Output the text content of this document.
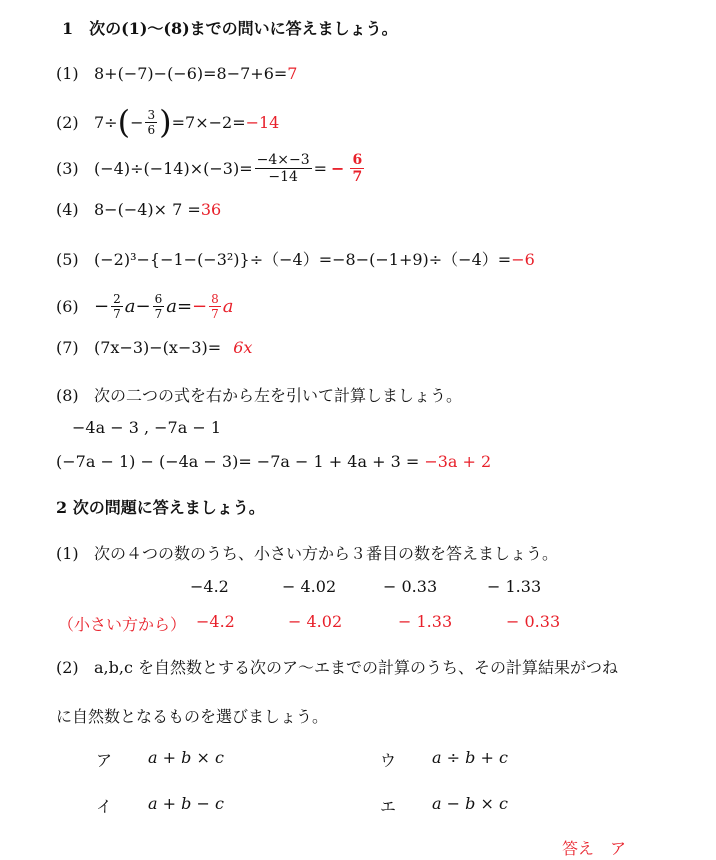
1　次の(1)〜(8)までの問いに答えましょう。
(1) 8+(−7)−(−6)=8−7+6=7
(2) 7÷ ( − $\frac{3}{6}$ ) =7×−2= −14
(3) $(-4)\div(-14)\times(-3)= \frac{-4\times-3}{-14}$ = − $\frac{6}{7}$
(4) 8−(−4)× 7 =36
(5) (−2)³−{−1−(−3²)}÷（−4）=−8−(−1+9)÷（−4）=−6
$(6) - \frac{2}{7}$ $a - \frac{6}{7}$ a = − $\frac{8}{7}$ a
(7) (7x−3)−(x−3)= 6x
(8) 次の二つの式を右から左を引いて計算しましょう。
−4a − 3 , −7a − 1
(−7a − 1) − (−4a − 3)= −7a − 1 + 4a + 3 = −3a + 2
2 次の問題に答えましょう。
(1) 次の４つの数のうち、小さい方から３番目の数を答えましょう。
−4.2	− 4.02	− 0.33	− 1.33
（小さい方から） −4.2	− 4.02	− 1.33	− 0.33
(2) a,b,c を自然数とする次のア〜エまでの計算のうち、その計算結果がつね
に自然数となるものを選びましょう。
ア a + b × c	ウ a ÷ b + c
イ a + b − c	エ a − b × c
答え　ア
